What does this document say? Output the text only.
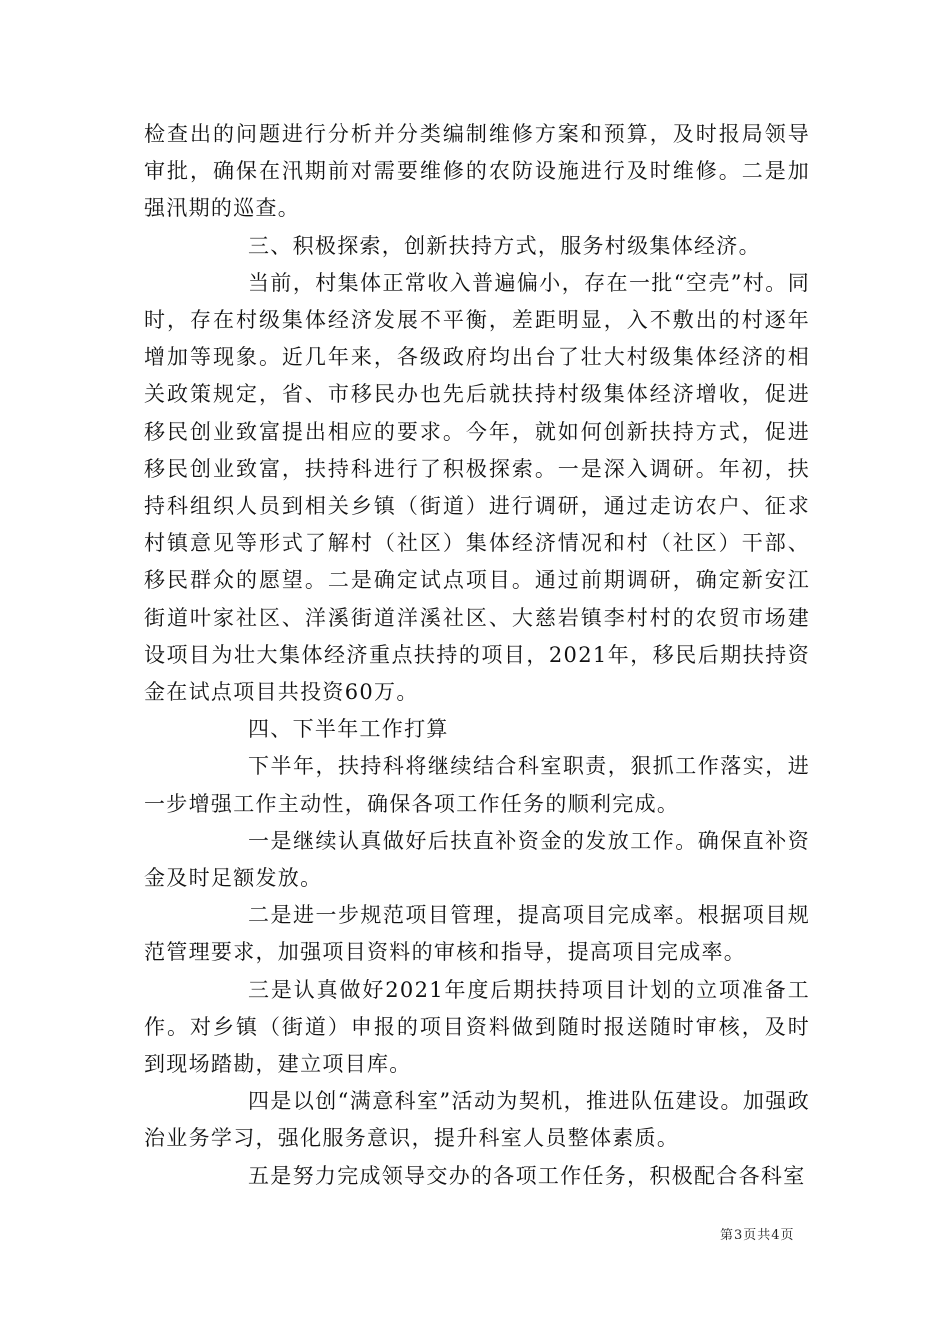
检查出的问题进行分析并分类编制维修方案和预算，及时报局领导审批，确保在汛期前对需要维修的农防设施进行及时维修。二是加强汛期的巡查。

三、积极探索，创新扶持方式，服务村级集体经济。

当前，村集体正常收入普遍偏小，存在一批“空壳”村。同时，存在村级集体经济发展不平衡，差距明显，入不敷出的村逐年增加等现象。近几年来，各级政府均出台了壮大村级集体经济的相关政策规定，省、市移民办也先后就扶持村级集体经济增收，促进移民创业致富提出相应的要求。今年，就如何创新扶持方式，促进移民创业致富，扶持科进行了积极探索。一是深入调研。年初，扶持科组织人员到相关乡镇（街道）进行调研，通过走访农户、征求村镇意见等形式了解村（社区）集体经济情况和村（社区）干部、移民群众的愿望。二是确定试点项目。通过前期调研，确定新安江街道叶家社区、洋溪街道洋溪社区、大慈岩镇李村村的农贸市场建设项目为壮大集体经济重点扶持的项目，2021年，移民后期扶持资金在试点项目共投资60万。

四、下半年工作打算

下半年，扶持科将继续结合科室职责，狠抓工作落实，进一步增强工作主动性，确保各项工作任务的顺利完成。

一是继续认真做好后扶直补资金的发放工作。确保直补资金及时足额发放。

二是进一步规范项目管理，提高项目完成率。根据项目规范管理要求，加强项目资料的审核和指导，提高项目完成率。

三是认真做好2021年度后期扶持项目计划的立项准备工作。对乡镇（街道）申报的项目资料做到随时报送随时审核，及时到现场踏勘，建立项目库。

四是以创“满意科室”活动为契机，推进队伍建设。加强政治业务学习，强化服务意识，提升科室人员整体素质。

五是努力完成领导交办的各项工作任务，积极配合各科室

第3页共4页
